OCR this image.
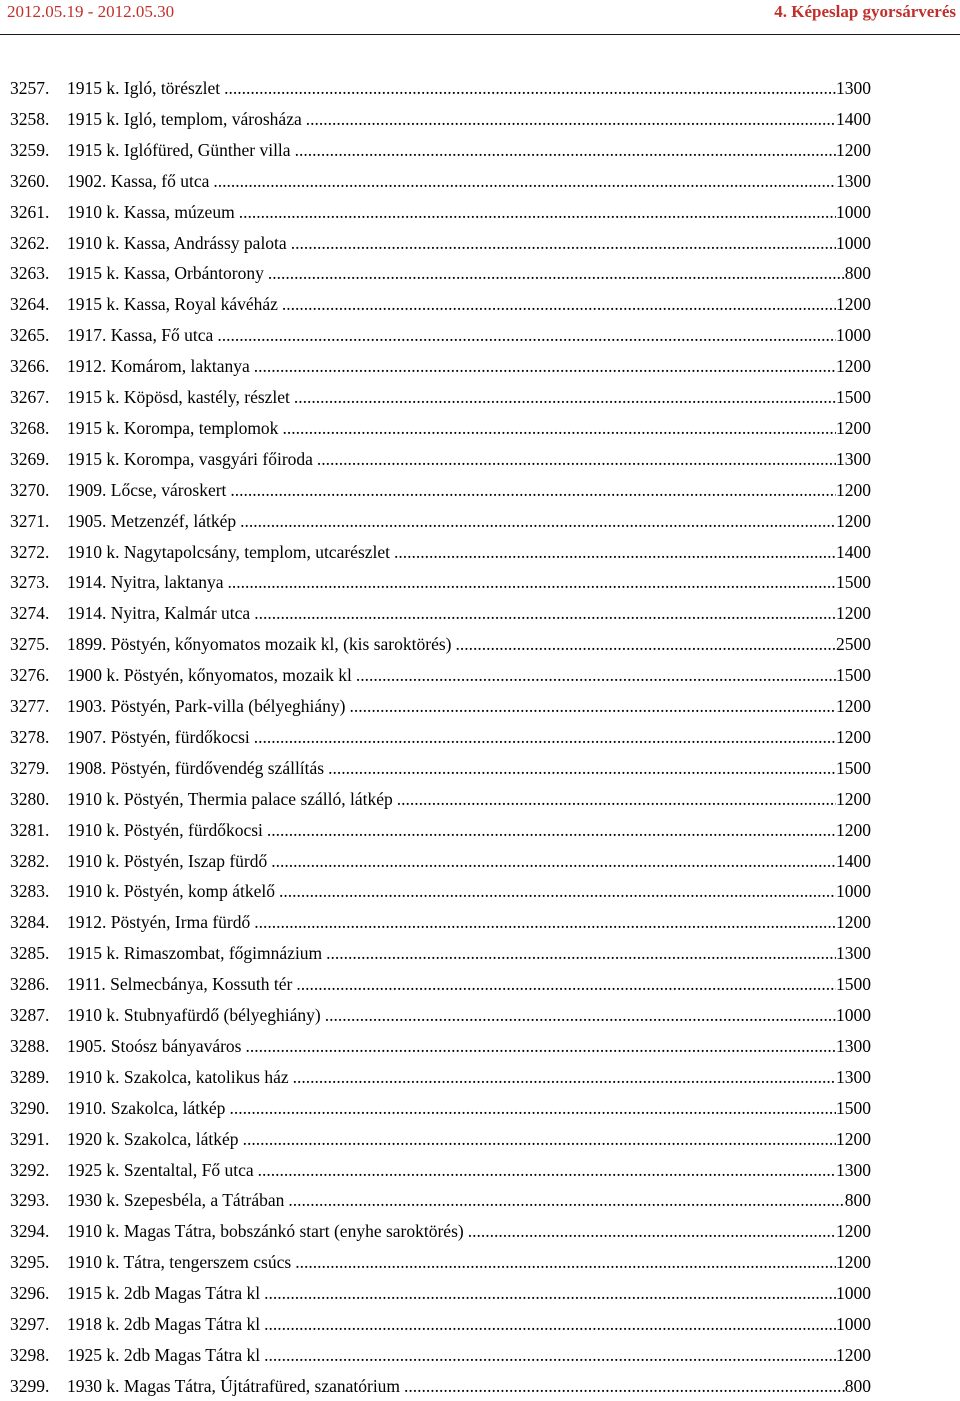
2012.05.19 - 2012.05.30	4. Képeslap gyorsárverés
3257.	1915 k. Igló, törészlet .....	1300
3258.	1915 k. Igló, templom, városháza .....	1400
3259.	1915 k. Iglófüred, Günther villa .....	1200
3260.	1902. Kassa, fő utca .....	1300
3261.	1910 k. Kassa, múzeum .....	1000
3262.	1910 k. Kassa, Andrássy palota .....	1000
3263.	1915 k. Kassa, Orbántorony .....	800
3264.	1915 k. Kassa, Royal kávéház .....	1200
3265.	1917. Kassa, Fő utca .....	1000
3266.	1912. Komárom, laktanya .....	1200
3267.	1915 k. Köpösd, kastély, részlet .....	1500
3268.	1915 k. Korompa, templomok .....	1200
3269.	1915 k. Korompa, vasgyári főiroda .....	1300
3270.	1909. Lőcse, városkert .....	1200
3271.	1905. Metzenzéf, látkép .....	1200
3272.	1910 k. Nagytapolcsány, templom, utcarészlet .....	1400
3273.	1914. Nyitra, laktanya .....	1500
3274.	1914. Nyitra, Kalmár utca .....	1200
3275.	1899. Pöstyén, kőnyomatos mozaik kl, (kis saroktörés) .....	2500
3276.	1900 k. Pöstyén, kőnyomatos, mozaik kl .....	1500
3277.	1903. Pöstyén, Park-villa (bélyeghiány) .....	1200
3278.	1907. Pöstyén, fürdőkocsi .....	1200
3279.	1908. Pöstyén, fürdővendég szállítás .....	1500
3280.	1910 k. Pöstyén, Thermia palace szálló, látkép .....	1200
3281.	1910 k. Pöstyén, fürdőkocsi .....	1200
3282.	1910 k. Pöstyén, Iszap fürdő .....	1400
3283.	1910 k. Pöstyén, komp átkelő .....	1000
3284.	1912. Pöstyén, Irma fürdő .....	1200
3285.	1915 k. Rimaszombat, főgimnázium .....	1300
3286.	1911. Selmecbánya, Kossuth tér .....	1500
3287.	1910 k. Stubnyafürdő (bélyeghiány) .....	1000
3288.	1905. Stoósz bányaváros .....	1300
3289.	1910 k. Szakolca, katolikus ház .....	1300
3290.	1910. Szakolca, látkép .....	1500
3291.	1920 k. Szakolca, látkép .....	1200
3292.	1925 k. Szentaltal, Fő utca .....	1300
3293.	1930 k. Szepesbéla, a Tátrában .....	800
3294.	1910 k. Magas Tátra, bobszánkó start (enyhe saroktörés) .....	1200
3295.	1910 k. Tátra, tengerszem csúcs .....	1200
3296.	1915 k. 2db Magas Tátra kl .....	1000
3297.	1918 k. 2db Magas Tátra kl .....	1000
3298.	1925 k. 2db Magas Tátra kl .....	1200
3299.	1930 k. Magas Tátra, Újtátrafüred, szanatórium .....	800
